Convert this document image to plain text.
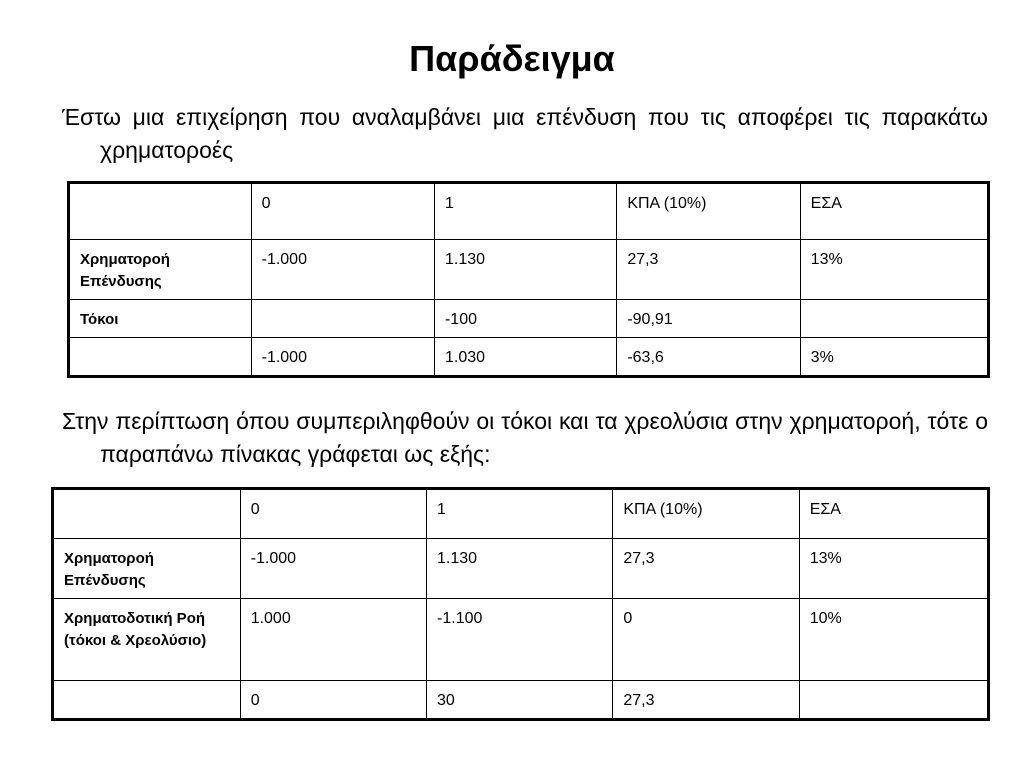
Παράδειγμα
Έστω μια επιχείρηση που αναλαμβάνει μια επένδυση που τις αποφέρει τις παρακάτω χρηματοροές
	0	1	ΚΠΑ (10%)	ΕΣΑ
Χρηματοροή Επένδυσης	-1.000	1.130	27,3	13%
Τόκοι		-100	-90,91	
	-1.000	1.030	-63,6	3%
Στην περίπτωση όπου συμπεριληφθούν οι τόκοι και τα χρεολύσια στην χρηματοροή, τότε ο παραπάνω πίνακας γράφεται ως εξής:
	0	1	ΚΠΑ (10%)	ΕΣΑ
Χρηματορoή Επένδυσης	-1.000	1.130	27,3	13%
Χρηματοδοτική Ροή (τόκοι & Χρεολύσιο)	1.000	-1.100	0	10%
	0	30	27,3	
